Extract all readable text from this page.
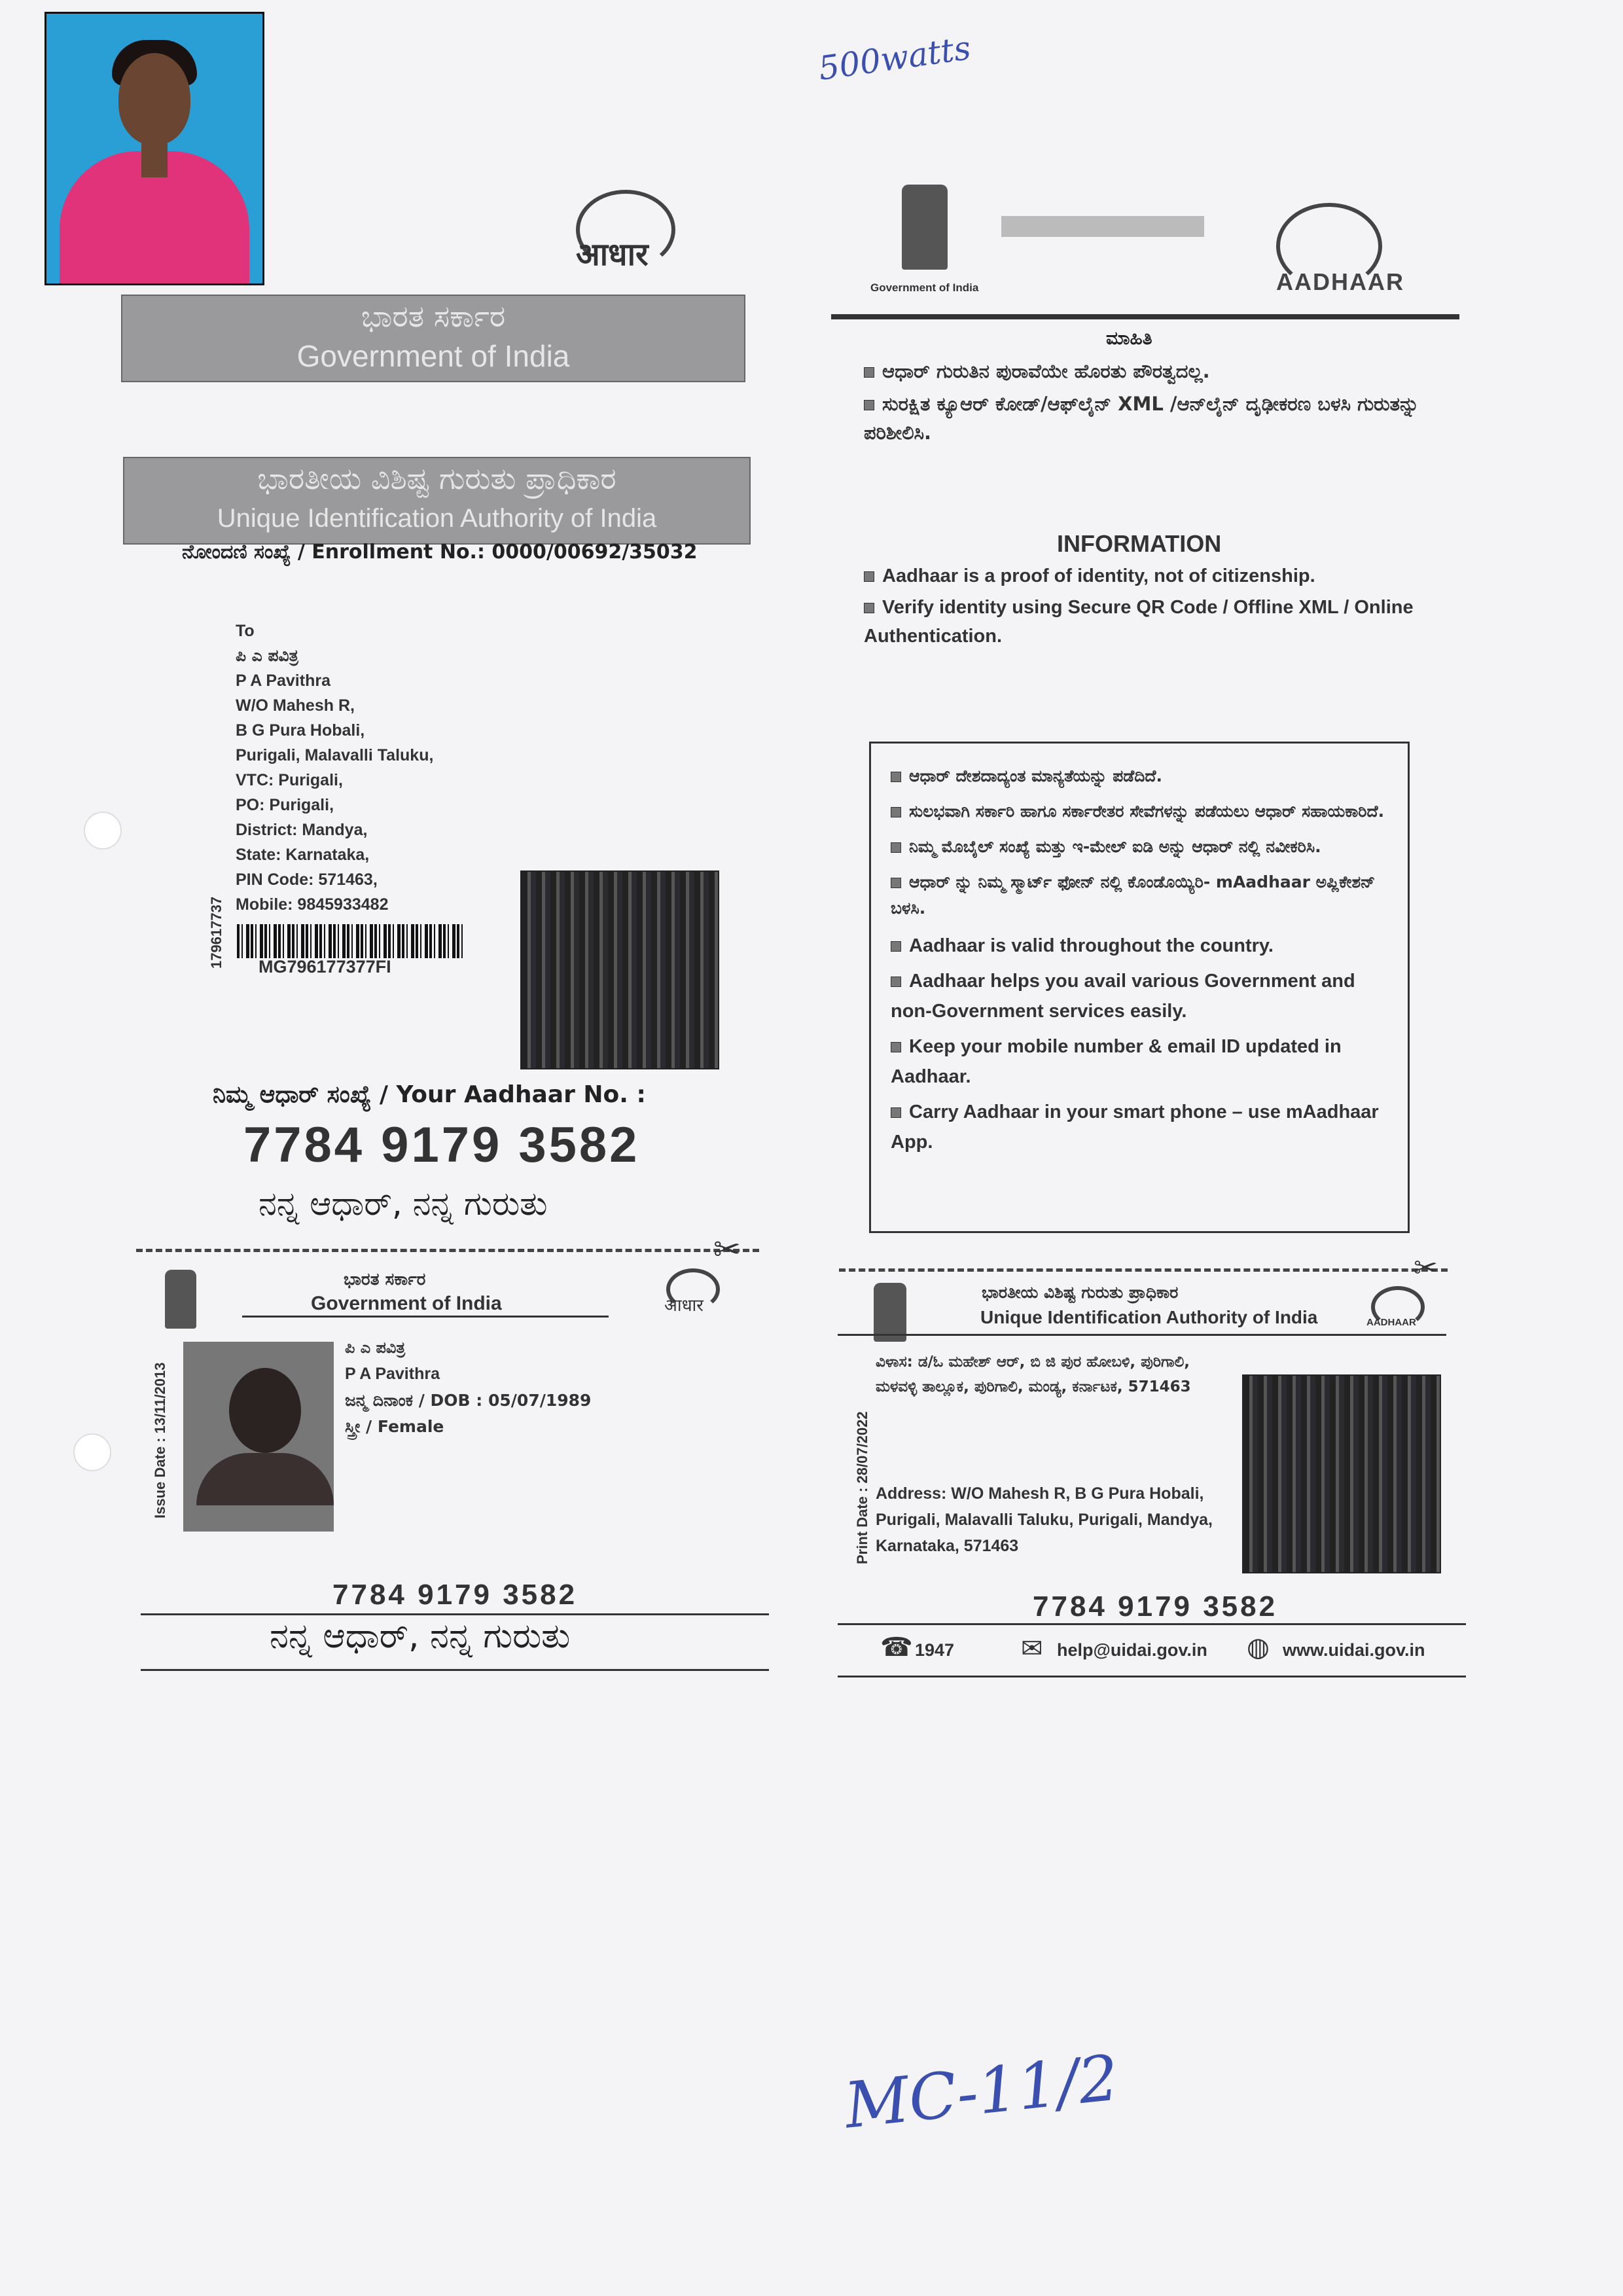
500watts
MC-11/2
आधार
ಭಾರತ ಸರ್ಕಾರ
Government of India
ಭಾರತೀಯ ವಿಶಿಷ್ಟ ಗುರುತು ಪ್ರಾಧಿಕಾರ
Unique Identification Authority of India
ನೋಂದಣಿ ಸಂಖ್ಯೆ / Enrollment No.: 0000/00692/35032
To
ಪಿ ಎ ಪವಿತ್ರ
P A Pavithra
W/O Mahesh R,
B G Pura Hobali,
Purigali, Malavalli Taluku,
VTC: Purigali,
PO: Purigali,
District: Mandya,
State: Karnataka,
PIN Code: 571463,
Mobile: 9845933482
179617737 MG796177377FI
ನಿಮ್ಮ ಆಧಾರ್ ಸಂಖ್ಯೆ / Your Aadhaar No. :
7784 9179 3582
ನನ್ನ ಆಧಾರ್, ನನ್ನ ಗುರುತು
Government of India	AADHAAR
ಮಾಹಿತಿ
ಆಧಾರ್ ಗುರುತಿನ ಪುರಾವೆಯೇ ಹೊರತು ಪೌರತ್ವದಲ್ಲ.
ಸುರಕ್ಷಿತ ಕ್ಯೂಆರ್ ಕೋಡ್/ಆಫ್‌ಲೈನ್ XML /ಆನ್‌ಲೈನ್ ದೃಢೀಕರಣ ಬಳಸಿ ಗುರುತನ್ನು ಪರಿಶೀಲಿಸಿ.
INFORMATION
Aadhaar is a proof of identity, not of citizenship.
Verify identity using Secure QR Code / Offline XML / Online Authentication.
ಆಧಾರ್ ದೇಶದಾದ್ಯಂತ ಮಾನ್ಯತೆಯನ್ನು ಪಡೆದಿದೆ.
ಸುಲಭವಾಗಿ ಸರ್ಕಾರಿ ಹಾಗೂ ಸರ್ಕಾರೇತರ ಸೇವೆಗಳನ್ನು ಪಡೆಯಲು ಆಧಾರ್ ಸಹಾಯಕಾರಿದೆ.
ನಿಮ್ಮ ಮೊಬೈಲ್ ಸಂಖ್ಯೆ ಮತ್ತು ಇ-ಮೇಲ್ ಐಡಿ ಅನ್ನು ಆಧಾರ್ ನಲ್ಲಿ ನವೀಕರಿಸಿ.
ಆಧಾರ್ ನ್ನು ನಿಮ್ಮ ಸ್ಮಾರ್ಟ್ ಫೋನ್ ನಲ್ಲಿ ಕೊಂಡೊಯ್ಯಿರಿ- mAadhaar ಅಪ್ಲಿಕೇಶನ್ ಬಳಸಿ.
Aadhaar is valid throughout the country.
Aadhaar helps you avail various Government and non-Government services easily.
Keep your mobile number & email ID updated in Aadhaar.
Carry Aadhaar in your smart phone – use mAadhaar App.
✂
✂
ಭಾರತ ಸರ್ಕಾರ
Government of India	आधार
Issue Date : 13/11/2013
ಪಿ ಎ ಪವಿತ್ರ
P A Pavithra
ಜನ್ಮ ದಿನಾಂಕ / DOB : 05/07/1989
ಸ್ತ್ರೀ / Female
7784 9179 3582
ನನ್ನ ಆಧಾರ್, ನನ್ನ ಗುರುತು
ಭಾರತೀಯ ವಿಶಿಷ್ಟ ಗುರುತು ಪ್ರಾಧಿಕಾರ
Unique Identification Authority of India	AADHAAR
Print Date : 28/07/2022
ವಿಳಾಸ: ಡ/ಓ ಮಹೇಶ್ ಆರ್, ಬಿ ಜಿ ಪುರ ಹೋಬಳಿ, ಪುರಿಗಾಲಿ, ಮಳವಳ್ಳಿ ತಾಲ್ಲೂಕ, ಪುರಿಗಾಲಿ, ಮಂಡ್ಯ, ಕರ್ನಾಟಕ, 571463
Address: W/O Mahesh R, B G Pura Hobali, Purigali, Malavalli Taluku, Purigali, Mandya, Karnataka, 571463
7784 9179 3582
☎ 1947	✉ help@uidai.gov.in ◍ www.uidai.gov.in
